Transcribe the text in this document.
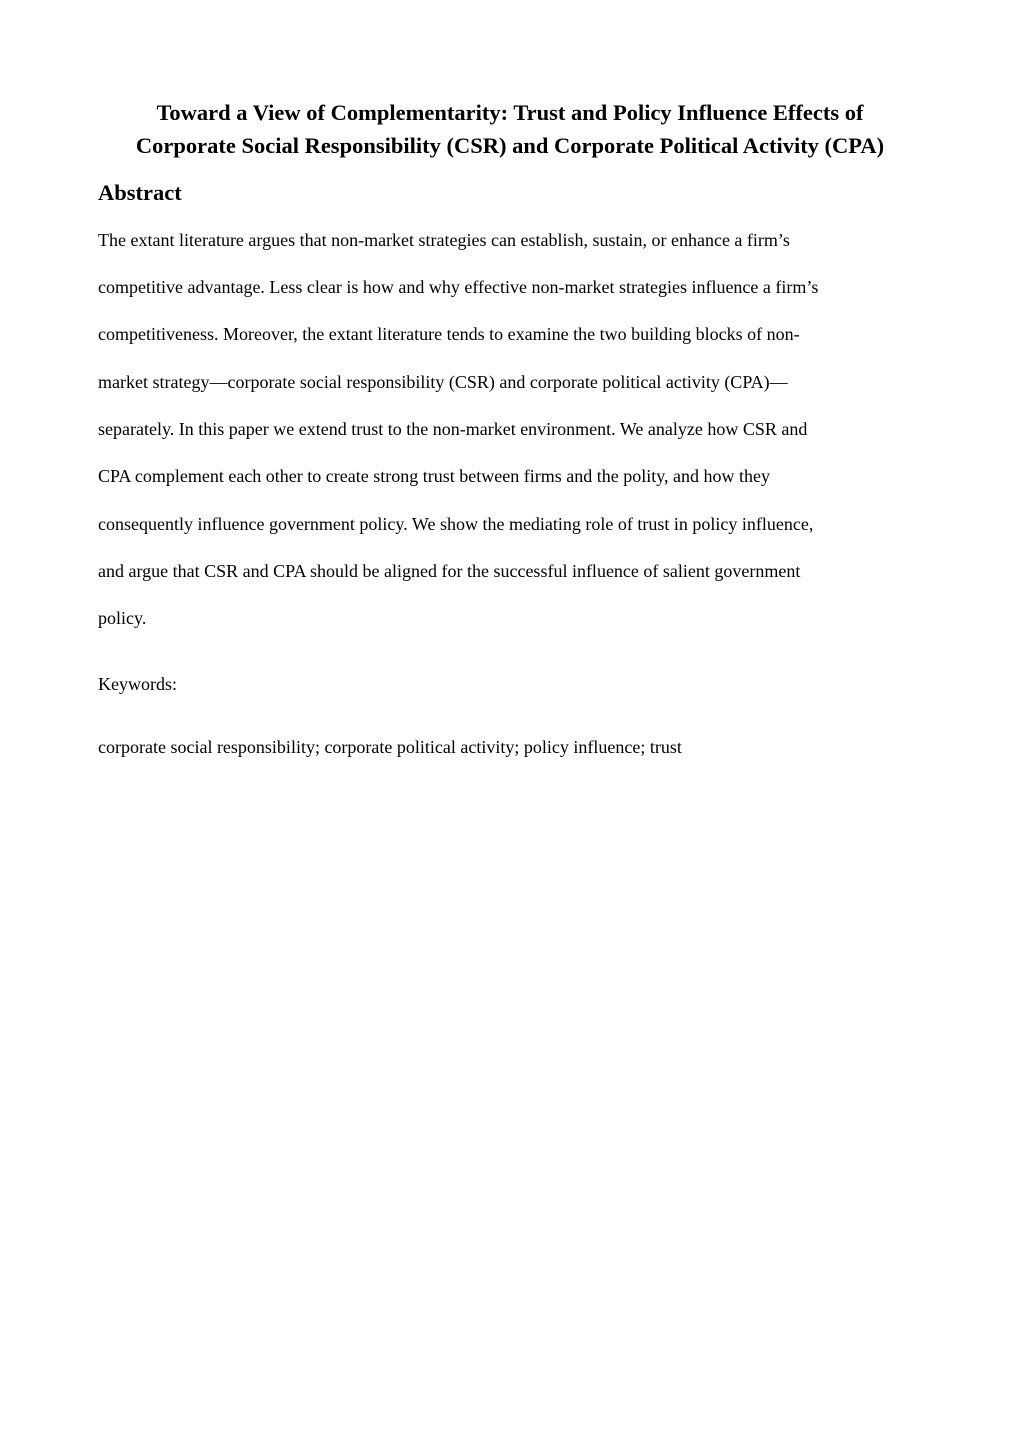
Toward a View of Complementarity: Trust and Policy Influence Effects of
Corporate Social Responsibility (CSR) and Corporate Political Activity (CPA)
Abstract

The extant literature argues that non-market strategies can establish, sustain, or enhance a firm’s

competitive advantage. Less clear is how and why effective non-market strategies influence a firm’s

competitiveness. Moreover, the extant literature tends to examine the two building blocks of non-

market strategy—corporate social responsibility (CSR) and corporate political activity (CPA)—

separately. In this paper we extend trust to the non-market environment. We analyze how CSR and

CPA complement each other to create strong trust between firms and the polity, and how they

consequently influence government policy. We show the mediating role of trust in policy influence,

and argue that CSR and CPA should be aligned for the successful influence of salient government

policy.

Keywords:

corporate social responsibility; corporate political activity; policy influence; trust
